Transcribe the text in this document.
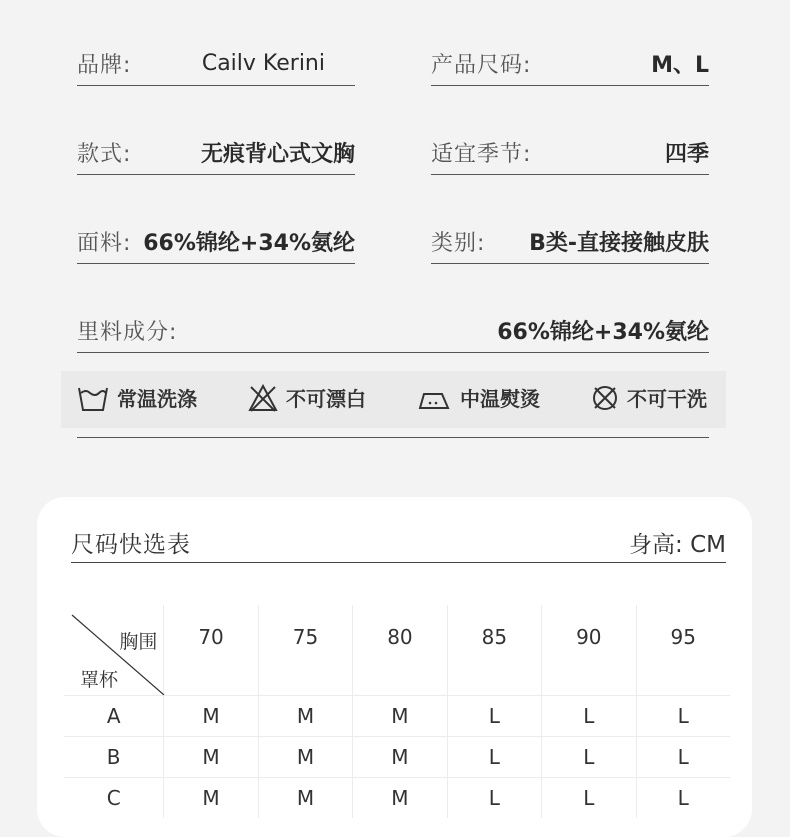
品牌:	Cailv Kerini	产品尺码:	M、L
款式:	无痕背心式文胸	适宜季节:	四季
面料: 66%锦纶+34%氨纶	类别: B类-直接接触皮肤
里料成分:	66%锦纶+34%氨纶
常温洗涤	不可漂白	中温熨烫	不可干洗
尺码快选表	身高: CM
胸围
罩杯
70	75	80	85	90	95
A	M	M	M	L	L	L
B	M	M	M	L	L	L
C	M	M	M	L	L	L
